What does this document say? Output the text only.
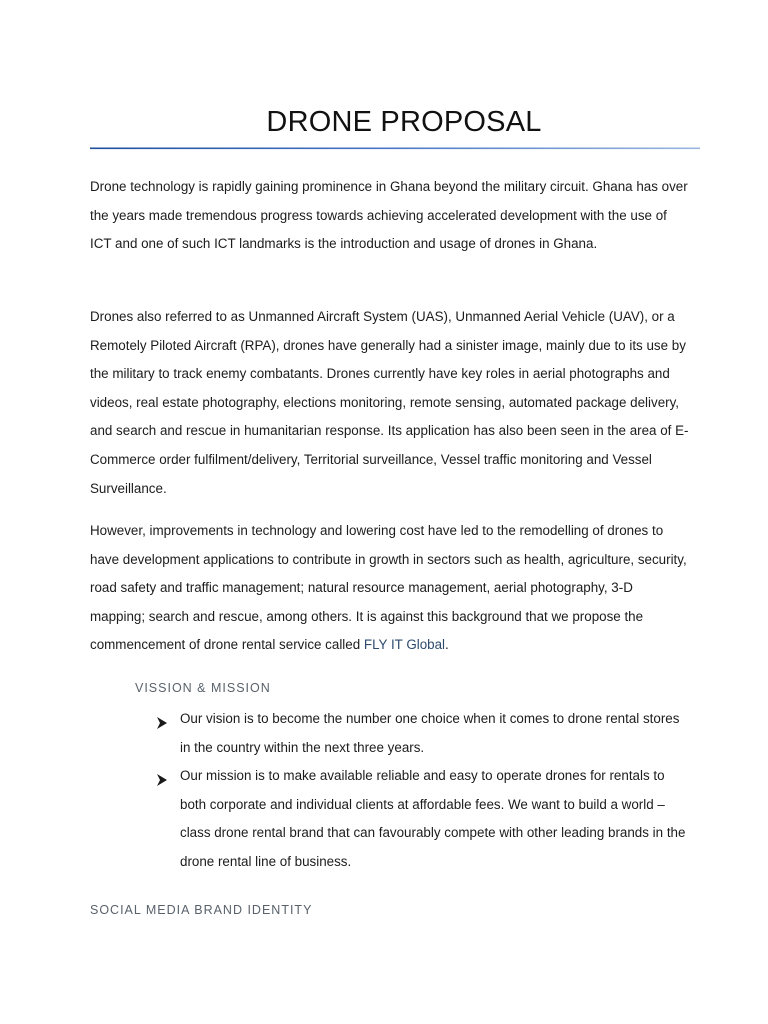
DRONE PROPOSAL

Drone technology is rapidly gaining prominence in Ghana beyond the military circuit. Ghana has over the years made tremendous progress towards achieving accelerated development with the use of ICT and one of such ICT landmarks is the introduction and usage of drones in Ghana.

Drones also referred to as Unmanned Aircraft System (UAS), Unmanned Aerial Vehicle (UAV), or a Remotely Piloted Aircraft (RPA), drones have generally had a sinister image, mainly due to its use by the military to track enemy combatants. Drones currently have key roles in aerial photographs and videos, real estate photography, elections monitoring, remote sensing, automated package delivery, and search and rescue in humanitarian response. Its application has also been seen in the area of E-Commerce order fulfilment/delivery, Territorial surveillance, Vessel traffic monitoring and Vessel Surveillance.

However, improvements in technology and lowering cost have led to the remodelling of drones to have development applications to contribute in growth in sectors such as health, agriculture, security, road safety and traffic management; natural resource management, aerial photography, 3-D mapping; search and rescue, among others. It is against this background that we propose the commencement of drone rental service called FLY IT Global.

VISSION & MISSION
Our vision is to become the number one choice when it comes to drone rental stores in the country within the next three years.
Our mission is to make available reliable and easy to operate drones for rentals to both corporate and individual clients at affordable fees. We want to build a world – class drone rental brand that can favourably compete with other leading brands in the drone rental line of business.
SOCIAL MEDIA BRAND IDENTITY
